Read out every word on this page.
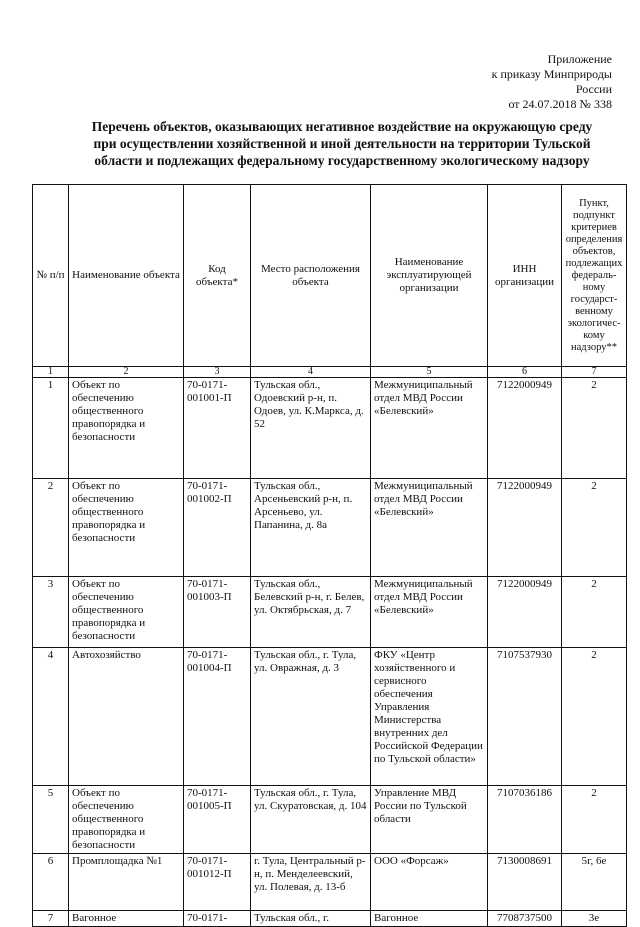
Приложение
к приказу Минприроды
России
от 24.07.2018 № 338
Перечень объектов, оказывающих негативное воздействие на окружающую среду
при осуществлении хозяйственной и иной деятельности на территории Тульской
области и подлежащих федеральному государственному экологическому надзору
№ п/п	Наименование объекта	Код объекта*	Место расположения объекта	Наименование эксплуатирующей организации	ИНН организации	Пункт, подпункт критериев определения объектов, подлежащих федераль-ному государст-венному экологичес-кому надзору**
1	2	3	4	5	6	7
1	Объект по обеспечению общественного правопорядка и безопасности	70-0171-001001-П	Тульская обл., Одоевский р-н, п. Одоев, ул. К.Маркса, д. 52	Межмуниципальный отдел МВД России «Белевский»	7122000949	2
2	Объект по обеспечению общественного правопорядка и безопасности	70-0171-001002-П	Тульская обл., Арсеньевский р-н, п. Арсеньево, ул. Папанина, д. 8а	Межмуниципальный отдел МВД России «Белевский»	7122000949	2
3	Объект по обеспечению общественного правопорядка и безопасности	70-0171-001003-П	Тульская обл., Белевский р-н, г. Белев, ул. Октябрьская, д. 7	Межмуниципальный отдел МВД России «Белевский»	7122000949	2
4	Автохозяйство	70-0171-001004-П	Тульская обл., г. Тула, ул. Овражная, д. 3	ФКУ «Центр хозяйственного и сервисного обеспечения Управления Министерства внутренних дел Российской Федерации по Тульской области»	7107537930	2
5	Объект по обеспечению общественного правопорядка и безопасности	70-0171-001005-П	Тульская обл., г. Тула, ул. Скуратовская, д. 104	Управление МВД России по Тульской области	7107036186	2
6	Промплощадка №1	70-0171-001012-П	г. Тула, Центральный р-н, п. Менделеевский, ул. Полевая, д. 13-б	ООО «Форсаж»	7130008691	5г, 6е
7	Вагонное	70-0171-	Тульская обл., г.	Вагонное	7708737500	3е
